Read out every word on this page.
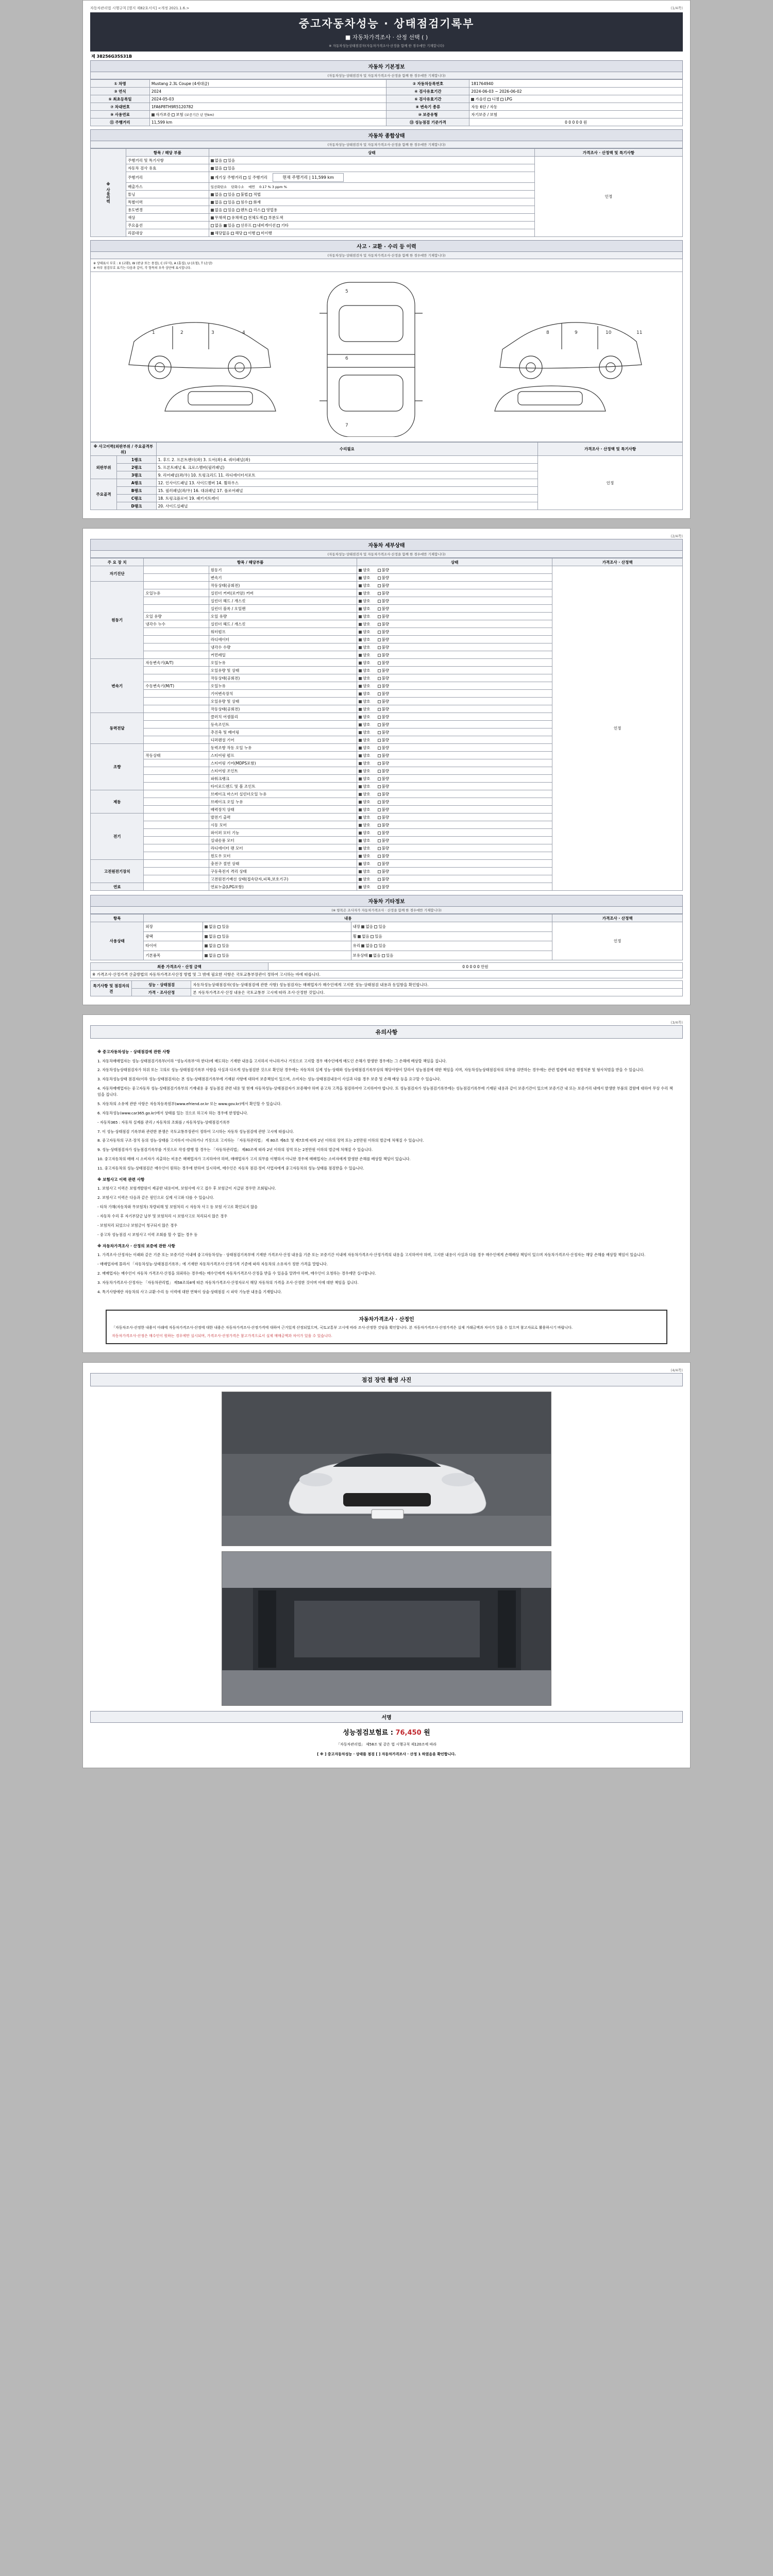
자동차관리법 시행규칙 [별지 제82호서식] <개정 2021.1.6.>	(1/4쪽)
중고자동차성능 · 상태점검기록부
■ 자동차가격조사 · 산정 선택 ( )
※ 자동차성능상태점검자(자동차가격조사·산정을 함께 한 경우에만 기재합니다)
제 38256G35S31B
자동차 기본정보
(자동차성능·상태점검자 및 자동차가격조사·산정을 함께 한 경우에만 기재합니다)
① 차명	Mustang 2.3L Coupe (4세대급)	② 자동차등록번호	181764940
③ 연식	2024	④ 검사유효기간	2024-06-03 ~ 2026-06-02
⑤ 최초등록일	2024-05-03	⑥ 검사유효기간	가솔린 디젤 LPG
⑦ 차대번호	1FA6P8TH9R5120782	⑧ 변속기 종류	자동 6단 / 자동
⑨ 사용연료	자가보증 보험 (보증기간 년 만km)	⑩ 보증유형	자기보증 / 보험
⑪ 주행거리	11,599 km	⑬ 성능점검 기준가격	0 0 0 0 0 원
자동차 종합상태
(자동차성능·상태점검자 및 자동차가격조사·산정을 함께 한 경우에만 기재합니다)
※ 사용이력	항목 / 해당 부품	상태	가격조사 · 산정액 및 특기사항
	주행거리 및 특기사항	없음 있음	인정

	자동차 검사 유효	없음 있음	
	주행거리	계기상 주행거리 실 주행거리 현재 주행거리 | 11,599 km	
	배출가스	일산화탄소 탄화수소 매연 0.17 % 3 ppm %	
	튜닝	없음 있음 불법 적법	
	특별이력	없음 있음 침수 화재	
	용도변경	없음 있음 렌트 리스 영업용	
	색상	무채색 유채색 전체도색 부분도색	
	주요옵션	없음 있음 선루프 내비게이션 기타	
	리콜대상	해당없음 해당 이행 미이행	
사고 · 교환 · 수리 등 이력
(자동차성능·상태점검자 및 자동차가격조사·산정을 함께 한 경우에만 기재합니다)
※ 상태표시 부호 : X (교환), W (판금 또는 용접), C (부식), A (흠집), U (요철), T (손상)
※ 하부 점검부호 표기는 다음과 같이, 각 항목의 우측 상단에 표시합니다.
1	2	3	4
5
6
7
8	9	10	11
※ 사고이력(외판부위 / 주요골격부위)		수리필요	가격조사 · 산정액 및 특기사항
외판부위	1랭크	1. 후드 2. 프론트펜더(좌) 3. 도어(좌) 4. 쿼터패널(좌)	인정

	2랭크	5. 프론트패널 6. 크로스멤버(필러패널)	
	3랭크	9. 리어패널(좌/우) 10. 트렁크리드 11. 라디에이터서포트	
주요골격	A랭크	12. 인사이드패널 13. 사이드멤버 14. 휠하우스	
	B랭크	15. 필러패널(좌/우) 16. 대쉬패널 17. 플로어패널	
	C랭크	18. 트렁크플로어 19. 패키지트레이	
	D랭크	20. 사이드실패널	
(2/4쪽)
자동차 세부상태
(자동차성능·상태점검자 및 자동차가격조사·산정을 함께 한 경우에만 기재합니다)
주 요 장 치	항목 / 해당부품		상태	가격조사 · 산정액
자기진단		원동기	양호 불량	인정
		변속기	양호 불량	
원동기		작동상태(공회전)	양호 불량	
	오일누유	실린더 커버(로커암) 커버	양호 불량	
		실린더 헤드 / 개스킷	양호 불량	
		실린더 블록 / 오일팬	양호 불량	
	오일 유량	오일 유량	양호 불량	
	냉각수 누수	실린더 헤드 / 개스킷	양호 불량	
		워터펌프	양호 불량	
		라디에이터	양호 불량	
		냉각수 수량	양호 불량	
		커먼레일	양호 불량	
변속기	자동변속기(A/T)	오일누유	양호 불량	
		오일유량 및 상태	양호 불량	
		작동상태(공회전)	양호 불량	
	수동변속기(M/T)	오일누유	양호 불량	
		기어변속장치	양호 불량	
		오일유량 및 상태	양호 불량	
		작동상태(공회전)	양호 불량	
동력전달		클러치 어셈블리	양호 불량	
		등속조인트	양호 불량	
		추진축 및 베어링	양호 불량	
		디퍼렌셜 기어	양호 불량	
조향		동력조향 작동 오일 누유	양호 불량	
	작동상태	스티어링 펌프	양호 불량	
		스티어링 기어(MDPS포함)	양호 불량	
		스티어링 조인트	양호 불량	
		파워크랭크	양호 불량	
		타이로드엔드 및 볼 조인트	양호 불량	
제동		브레이크 마스터 실린더오일 누유	양호 불량	
		브레이크 오일 누유	양호 불량	
		배력장치 상태	양호 불량	
전기		발전기 출력	양호 불량	
		시동 모터	양호 불량	
		와이퍼 모터 기능	양호 불량	
		실내송풍 모터	양호 불량	
		라디에이터 팬 모터	양호 불량	
		윈도우 모터	양호 불량	
고전원전기장치		충전구 절연 상태	양호 불량	
		구동축전지 격리 상태	양호 불량	
		고전원전기배선 상태(접속단자,피복,보호기구)	양호 불량	
연료		연료누출(LPG포함)	양호 불량	
자동차 기타정보
(※ 항목은 조사자가 자동차가격조사 · 산정을 함께 한 경우에만 기재합니다)
항목	내용			가격조사 · 산정액
사용상태	외장	없음 있음	내장 없음 있음	인정

	광택	없음 있음	휠 없음 있음	
	타이어	없음 있음	유리 없음 있음	
	기본품목	없음 있음	보유상태 없음 있음	
최종 가격조사 · 산정 금액	0 0 0 0 0 만원
※ 가격조사·산정가격 산출방법의 자동차가격조사산정 방법 및 그 밖에 필요한 사항은 국토교통부장관이 정하여 고시하는 바에 따릅니다.
특기사항 및 점검자의견	성능 · 상태점검	자동차성능상태점검자(성능·상태점검에 관한 사항) 성능점검자는 매매업자가 매수인에게 고지한 성능·상태점검 내용과 동일함을 확인합니다.
	가격 · 조사산정	본 자동차가격조사·산정 내용은 국토교통부 고시에 따라 조사·산정한 것입니다.
(3/4쪽)
유의사항
※ 중고자동차성능 · 상태점검에 관한 사항

1. 자동차매매업자는 성능·상태점검기록부(이하 "성능지록부"라 한다)에 매도하는 기재한 내용을 고지하지 아니하거나 거짓으로 고지할 경우 매수인에게 매도인 손해가 발생한 경우에는 그 손해에 배상할 책임을 집니다.

2. 자동차성능상태점검자가 허위 또는 고의로 성능·상태점검기록부 사항을 사실과 다르게 성능점검한 것으로 확인된 경우에는 자동차의 실제 성능·상태와 성능상태점검기록부상의 해당사항이 달라서 성능점검에 대한 책임을 지며, 자동차성능상태점검자의 의무를 위반하는 경우에는 관련 법령에 따른 행정처분 및 형사처벌을 받을 수 있습니다.

3. 자동차성능상태 점검자(이하 성능·상태점검자)는 본 성능·상태점검기록부에 기재된 사항에 대하여 보증책임이 있으며, 소비자는 성능·상태점검내용이 사실과 다를 경우 보증 및 손해 배상 등을 요구할 수 있습니다.

4. 자동차매매업자는 중고자동차 성능·상태점검기록부의 기재내용 중 성능점검 관련 내용 및 현재 자동차성능·상태점검자가 보증해야 하며 중고차 고객을 점검하여야 고지하여야 합니다. 또 성능점검자가 성능점검기록부에는 성능점검기록부에 기재된 내용과 같이 보증기간이 있으며 보증기간 내 또는 보증거리 내에서 발생한 부품의 결함에 대하여 무상 수리 책임을 집니다.

5. 자동차의 소유에 관한 사항은 자동차등록원부(www.efriend.or.kr 또는 www.gov.kr)에서 확인할 수 있습니다.

6. 자동차성능(www.car365.go.kr)에서 상태를 있는 것으로 하고자 하는 경우에 한정합니다.

- 자동차365 : 자동차 실제를 관리 / 자동차의 조회를 / 자동차성능·상태점검기록부

7. 이 성능·상태점검 기록부와 관련한 분쟁은 국토교통부장관이 정하여 고시하는 자동차 성능점검에 관한 고시에 따릅니다.

8. 중고자동차의 구조·장치 등의 성능·상태를 고지하지 아니하거나 거짓으로 고지하는 「자동차관리법」 제 80조 제6호 및 제7호에 따라 2년 이하의 징역 또는 2천만원 이하의 벌금에 처해질 수 있습니다.

9. 성능·상태점검자가 성능점검기록부를 거짓으로 작성·발행 할 경우는 「자동차관리법」 제80조에 따라 2년 이하의 징역 또는 2천만원 이하의 벌금에 처해질 수 있습니다.

10. 중고자동차의 매매 시 소비자가 지출하는 비용은 매매업자가 고지하여야 하며, 매매업자가 고지 의무를 이행하지 아니한 경우에 매매업자는 소비자에게 발생한 손해를 배상할 책임이 있습니다.

11. 중고자동차의 성능·상태점검은 매수인이 원하는 경우에 한하여 실시하며, 매수인은 자동차 점검·정비 사업자에게 중고자동차의 성능·상태를 점검받을 수 있습니다.

※ 보험사고 이력 관련 사항

1. 보험사고 이력은 보험개발원이 제공한 내용이며, 보험사에 사고 접수 후 보험금이 지급된 경우만 조회됩니다.

2. 보험사고 이력은 다음과 같은 원인으로 실제 사고와 다를 수 있습니다.

- 타차 가해(자동차와 무보험차) 차량피해 및 보험처리 시 자동차 사고 등 보험 사고로 확인되지 않음

- 자동차 수리 후 자기부담금 납부 및 보험처리 시 보험사고로 처리되지 않은 경우

- 보험처리 되었으나 보험금이 청구되지 않은 경우

- 중고차 성능점검 시 보험사고 이력 조회를 할 수 없는 경우 등

※ 자동차가격조사 · 산정의 보증에 관한 사항

1. 가격조사·산정자는 이래와 같은 기준 또는 보증기간 이내에 중고자동차성능 · 상태점검기록부에 기재한 가격조사·산정 내용을 기준 또는 보증기간 이내에 자동차가격조사·산정가격의 내용을 고지하여야 하며, 고지한 내용이 사실과 다를 경우 매수인에게 손해배상 책임이 있으며 자동차가격조사·산정자는 해당 손해를 배상할 책임이 있습니다.

- 매매업자에 몰라서 「자동차성능·상태점검기록부」에 기재한 자동차가격조사·산정가격 기준에 따라 자동차의 소유자가 정한 가격을 말합니다.

2. 매매업자는 매수인이 자동차 가격조사·산정을 의뢰하는 경우에는 매수인에게 자동차가격조사·산정을 받을 수 있음을 알려야 하며, 매수인이 요청하는 경우에만 실시합니다.

3. 자동차가격조사·산정자는 「자동차관리법」 제58조의4에 따른 자동차가격조사·산정자로서 해당 자동차의 가격을 조사·산정한 것이며 이에 대한 책임을 집니다.

4. 특기사항에란 자동차의 사고·교환·수리 등 이력에 대한 연혁이 상술·상태점검 시 파악 가능한 내용을 기재합니다.

자동차가격조사 · 산정인
「자동차조사·산정한 내용이 아래에 자동차가격조사·산정에 대한 내용은 자동차가격조사·산정가격에 대하여 근거있게 산정되었으며, 국토교통부 고시에 따라 조사·산정한 것임을 확인합니다. 본 자동차가격조사·산정가격은 실제 거래금액과 차이가 있을 수 있으며 참고자료로 활용하시기 바랍니다.
자동차가격조사·산정은 매수인이 원하는 경우에만 실시되며, 가격조사·산정가격은 참고가격으로서 실제 매매금액과 차이가 있을 수 있습니다.
(4/4쪽)
점검 장면 촬영 사진
서명
성능점검보험료 : 76,450 원
「자동차관리법」 제58조 및 같은 법 시행규칙 제120조에 따라
[ ※ ] 중고자동차성능 · 상태를 점검 [ ] 자동차가격조사 · 산정 1 하였음을 확인합니다.
